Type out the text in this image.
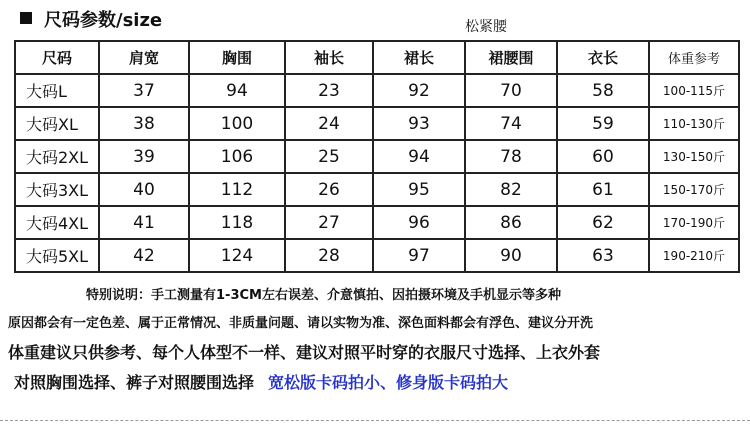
尺码参数/size	松紧腰
尺码	肩宽	胸围	袖长	裙长	裙腰围	衣长	体重参考
大码L	37	94	23	92	70	58	100-115斤
大码XL	38	100	24	93	74	59	110-130斤
大码2XL	39	106	25	94	78	60	130-150斤
大码3XL	40	112	26	95	82	61	150-170斤
大码4XL	41	118	27	96	86	62	170-190斤
大码5XL	42	124	28	97	90	63	190-210斤
特别说明：手工测量有1-3CM左右误差、介意慎拍、因拍摄环境及手机显示等多种
原因都会有一定色差、属于正常情况、非质量问题、请以实物为准、深色面料都会有浮色、建议分开洗
体重建议只供参考、每个人体型不一样、建议对照平时穿的衣服尺寸选择、上衣外套
对照胸围选择、裤子对照腰围选择 宽松版卡码拍小、修身版卡码拍大
